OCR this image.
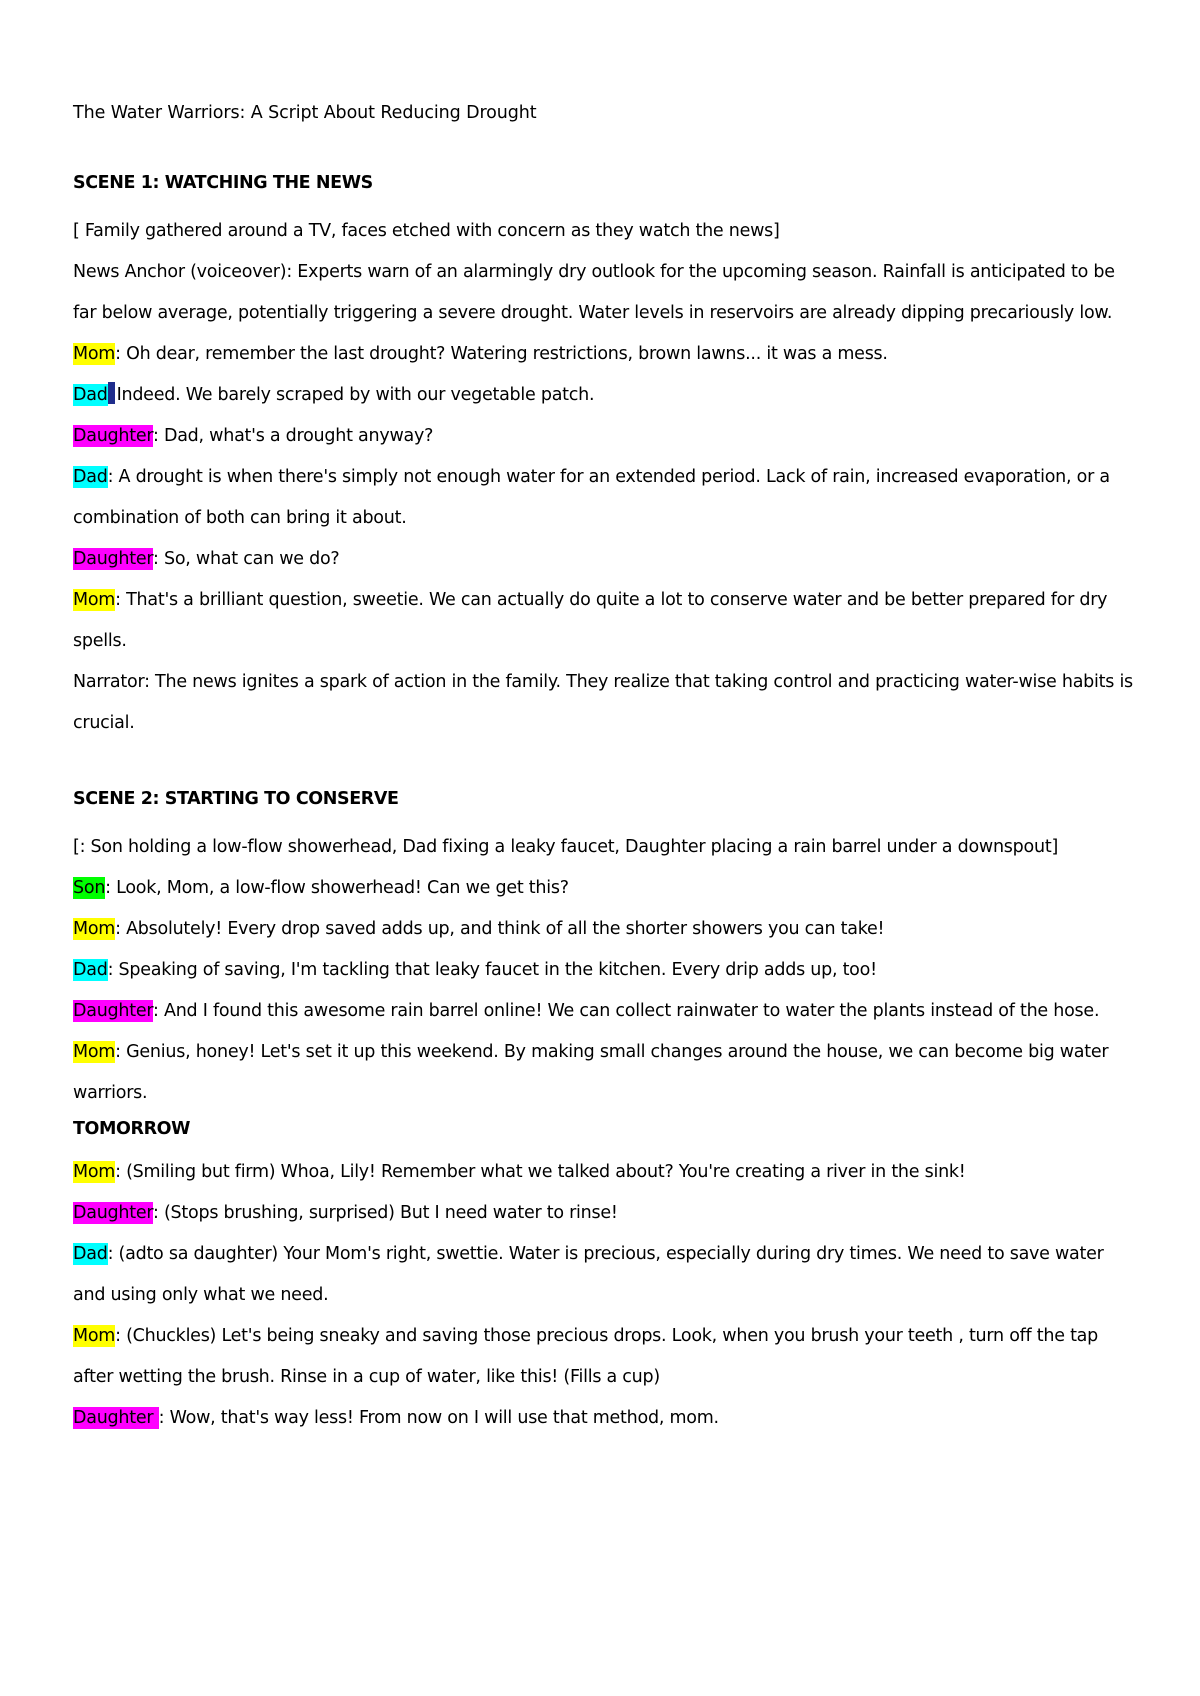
The Water Warriors: A Script About Reducing Drought
SCENE 1: WATCHING THE NEWS

[ Family gathered around a TV, faces etched with concern as they watch the news]

News Anchor (voiceover): Experts warn of an alarmingly dry outlook for the upcoming season. Rainfall is anticipated to be far below average, potentially triggering a severe drought. Water levels in reservoirs are already dipping precariously low.

Mom: Oh dear, remember the last drought? Watering restrictions, brown lawns... it was a mess.

Dad Indeed. We barely scraped by with our vegetable patch.

Daughter: Dad, what's a drought anyway?

Dad: A drought is when there's simply not enough water for an extended period. Lack of rain, increased evaporation, or a combination of both can bring it about.

Daughter: So, what can we do?

Mom: That's a brilliant question, sweetie. We can actually do quite a lot to conserve water and be better prepared for dry spells.

Narrator: The news ignites a spark of action in the family. They realize that taking control and practicing water-wise habits is crucial.

SCENE 2: STARTING TO CONSERVE

[: Son holding a low-flow showerhead, Dad fixing a leaky faucet, Daughter placing a rain barrel under a downspout]

Son: Look, Mom, a low-flow showerhead! Can we get this?

Mom: Absolutely! Every drop saved adds up, and think of all the shorter showers you can take!

Dad: Speaking of saving, I'm tackling that leaky faucet in the kitchen. Every drip adds up, too!

Daughter: And I found this awesome rain barrel online! We can collect rainwater to water the plants instead of the hose.

Mom: Genius, honey! Let's set it up this weekend. By making small changes around the house, we can become big water warriors.

TOMORROW

Mom: (Smiling but firm) Whoa, Lily! Remember what we talked about? You're creating a river in the sink!

Daughter: (Stops brushing, surprised) But I need water to rinse!

Dad: (adto sa daughter) Your Mom's right, swettie. Water is precious, especially during dry times. We need to save water and using only what we need.

Mom: (Chuckles) Let's being sneaky and saving those precious drops. Look, when you brush your teeth , turn off the tap after wetting the brush. Rinse in a cup of water, like this! (Fills a cup)

Daughter : Wow, that's way less! From now on I will use that method, mom.
